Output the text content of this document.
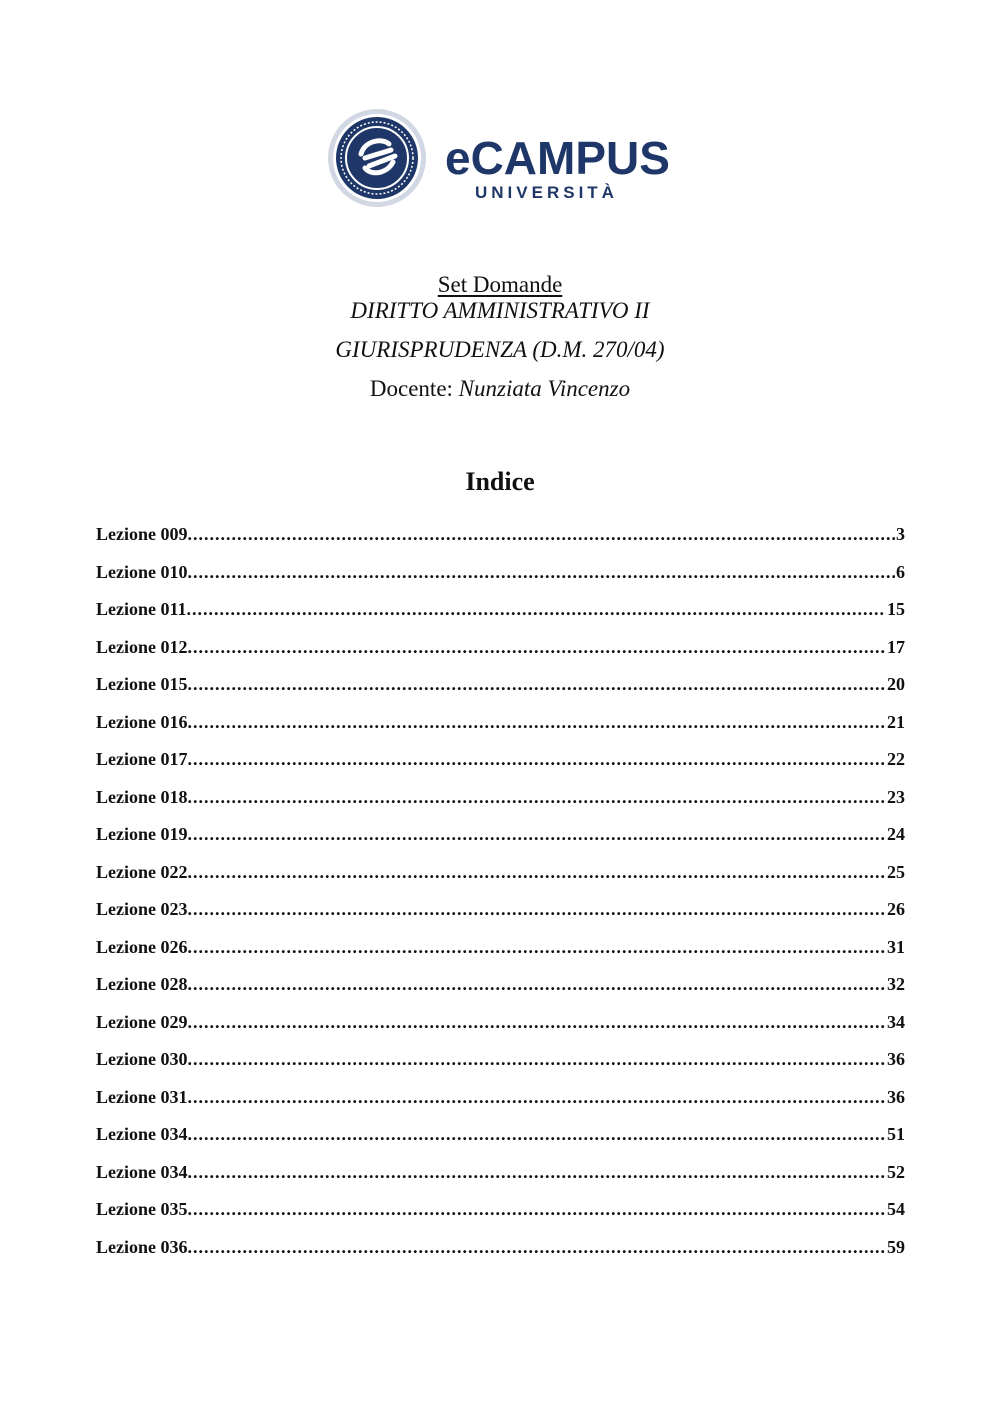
eCAMPUS
UNIVERSITÀ
Set Domande
DIRITTO AMMINISTRATIVO II
GIURISPRUDENZA (D.M. 270/04)
Docente: Nunziata Vincenzo
Indice
Lezione 009 .....	3
Lezione 010 .....	6
Lezione 011 .....	15
Lezione 012 .....	17
Lezione 015 .....	20
Lezione 016 .....	21
Lezione 017 .....	22
Lezione 018 .....	23
Lezione 019 .....	24
Lezione 022 .....	25
Lezione 023 .....	26
Lezione 026 .....	31
Lezione 028 .....	32
Lezione 029 .....	34
Lezione 030 .....	36
Lezione 031 .....	36
Lezione 034 .....	51
Lezione 034 .....	52
Lezione 035 .....	54
Lezione 036 .....	59
